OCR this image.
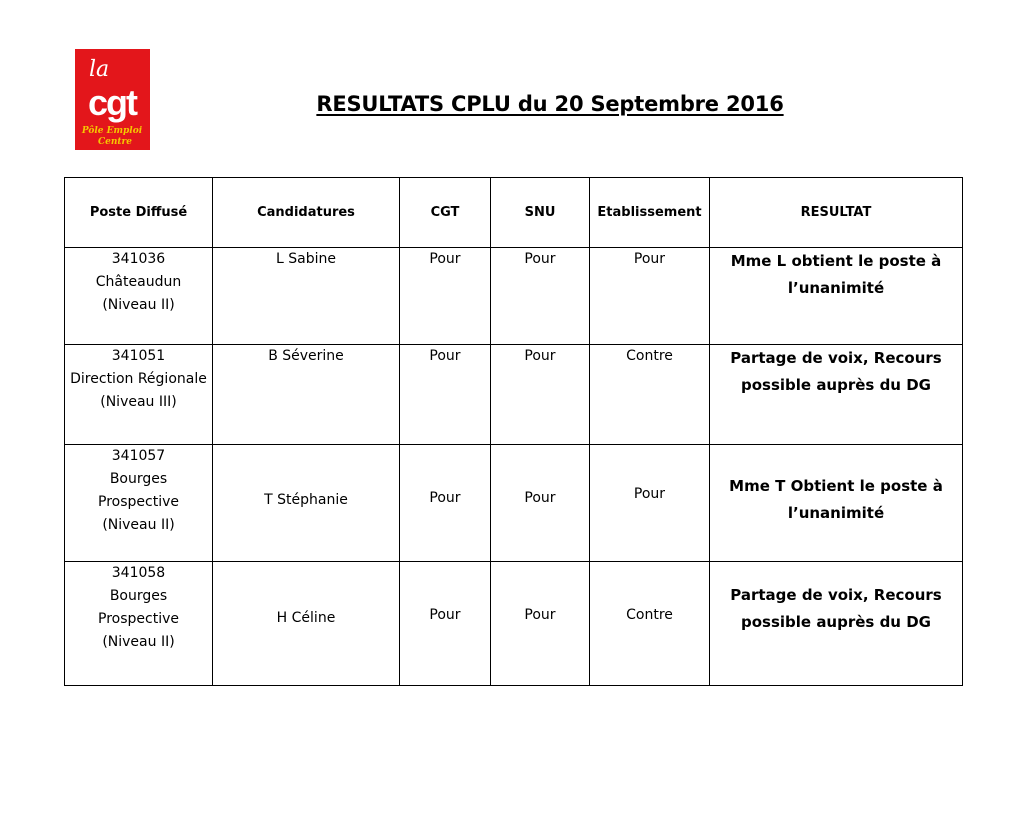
la
cgt
Pôle Emploi
Centre
RESULTATS CPLU du 20 Septembre 2016
Poste Diffusé	Candidatures	CGT	SNU	Etablissement	RESULTAT

341036
Châteaudun
(Niveau II)	L Sabine	Pour	Pour	Pour	Mme L obtient le poste à
l’unanimité

341051
Direction Régionale
(Niveau III)	B Séverine	Pour	Pour	Contre	Partage de voix, Recours
possible auprès du DG

341057
Bourges
Prospective
(Niveau II)	T Stéphanie	Pour	Pour	Pour	Mme T Obtient le poste à
l’unanimité

341058
Bourges
Prospective
(Niveau II)	H Céline	Pour	Pour	Contre	Partage de voix, Recours
possible auprès du DG
